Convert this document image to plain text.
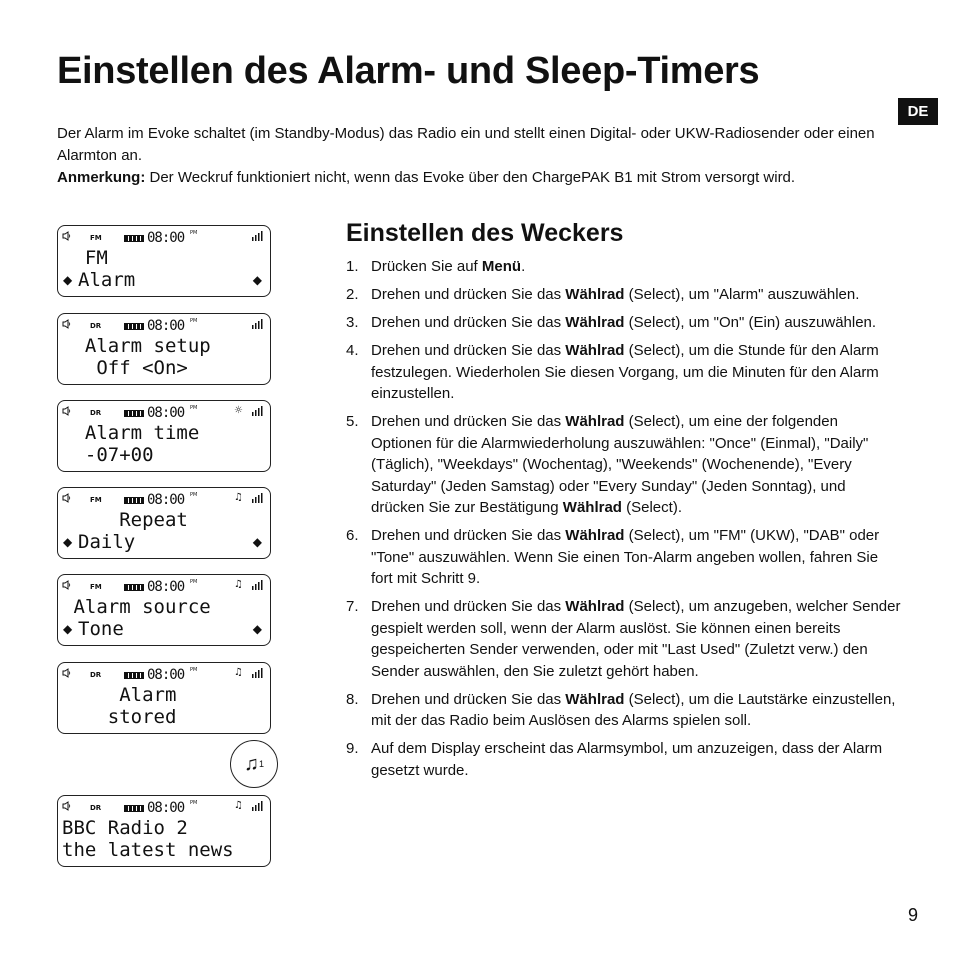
Einstellen des Alarm- und Sleep-Timers
DE

Der Alarm im Evoke schaltet (im Standby-Modus) das Radio ein und stellt einen Digital- oder UKW-Radiosender oder einen Alarmton an.

Anmerkung: Der Weckruf funktioniert nicht, wenn das Evoke über den ChargePAK B1 mit Strom versorgt wird.

FM	08:00 PM
FM
Alarm
◆	◆
DR	08:00 PM
Alarm setup
Off <On>
DR	08:00 PM	☼
Alarm time
-07+00
FM	08:00 PM	♫
Repeat
Daily
◆	◆
FM	08:00 PM	♫
Alarm source
Tone
◆	◆
DR	08:00 PM	♫
Alarm
stored
DR	08:00 PM	♫
BBC Radio 2
the latest news
♫ 1
Einstellen des Weckers
1. Drücken Sie auf Menü.
2. Drehen und drücken Sie das Wählrad (Select), um "Alarm" auszuwählen.
3. Drehen und drücken Sie das Wählrad (Select), um "On" (Ein) auszuwählen.
4. Drehen und drücken Sie das Wählrad (Select), um die Stunde für den Alarm festzulegen. Wiederholen Sie diesen Vorgang, um die Minuten für den Alarm einzustellen.
5. Drehen und drücken Sie das Wählrad (Select), um eine der folgenden Optionen für die Alarmwiederholung auszuwählen: "Once" (Einmal), "Daily" (Täglich), "Weekdays" (Wochentag), "Weekends" (Wochenende), "Every Saturday" (Jeden Samstag) oder "Every Sunday" (Jeden Sonntag), und drücken Sie zur Bestätigung Wählrad (Select).
6. Drehen und drücken Sie das Wählrad (Select), um "FM" (UKW), "DAB" oder "Tone" auszuwählen. Wenn Sie einen Ton-Alarm angeben wollen, fahren Sie fort mit Schritt 9.
7. Drehen und drücken Sie das Wählrad (Select), um anzugeben, welcher Sender gespielt werden soll, wenn der Alarm auslöst. Sie können einen bereits gespeicherten Sender verwenden, oder mit "Last Used" (Zuletzt verw.) den Sender auswählen, den Sie zuletzt gehört haben.
8. Drehen und drücken Sie das Wählrad (Select), um die Lautstärke einzustellen, mit der das Radio beim Auslösen des Alarms spielen soll.
9. Auf dem Display erscheint das Alarmsymbol, um anzuzeigen, dass der Alarm gesetzt wurde.
9
